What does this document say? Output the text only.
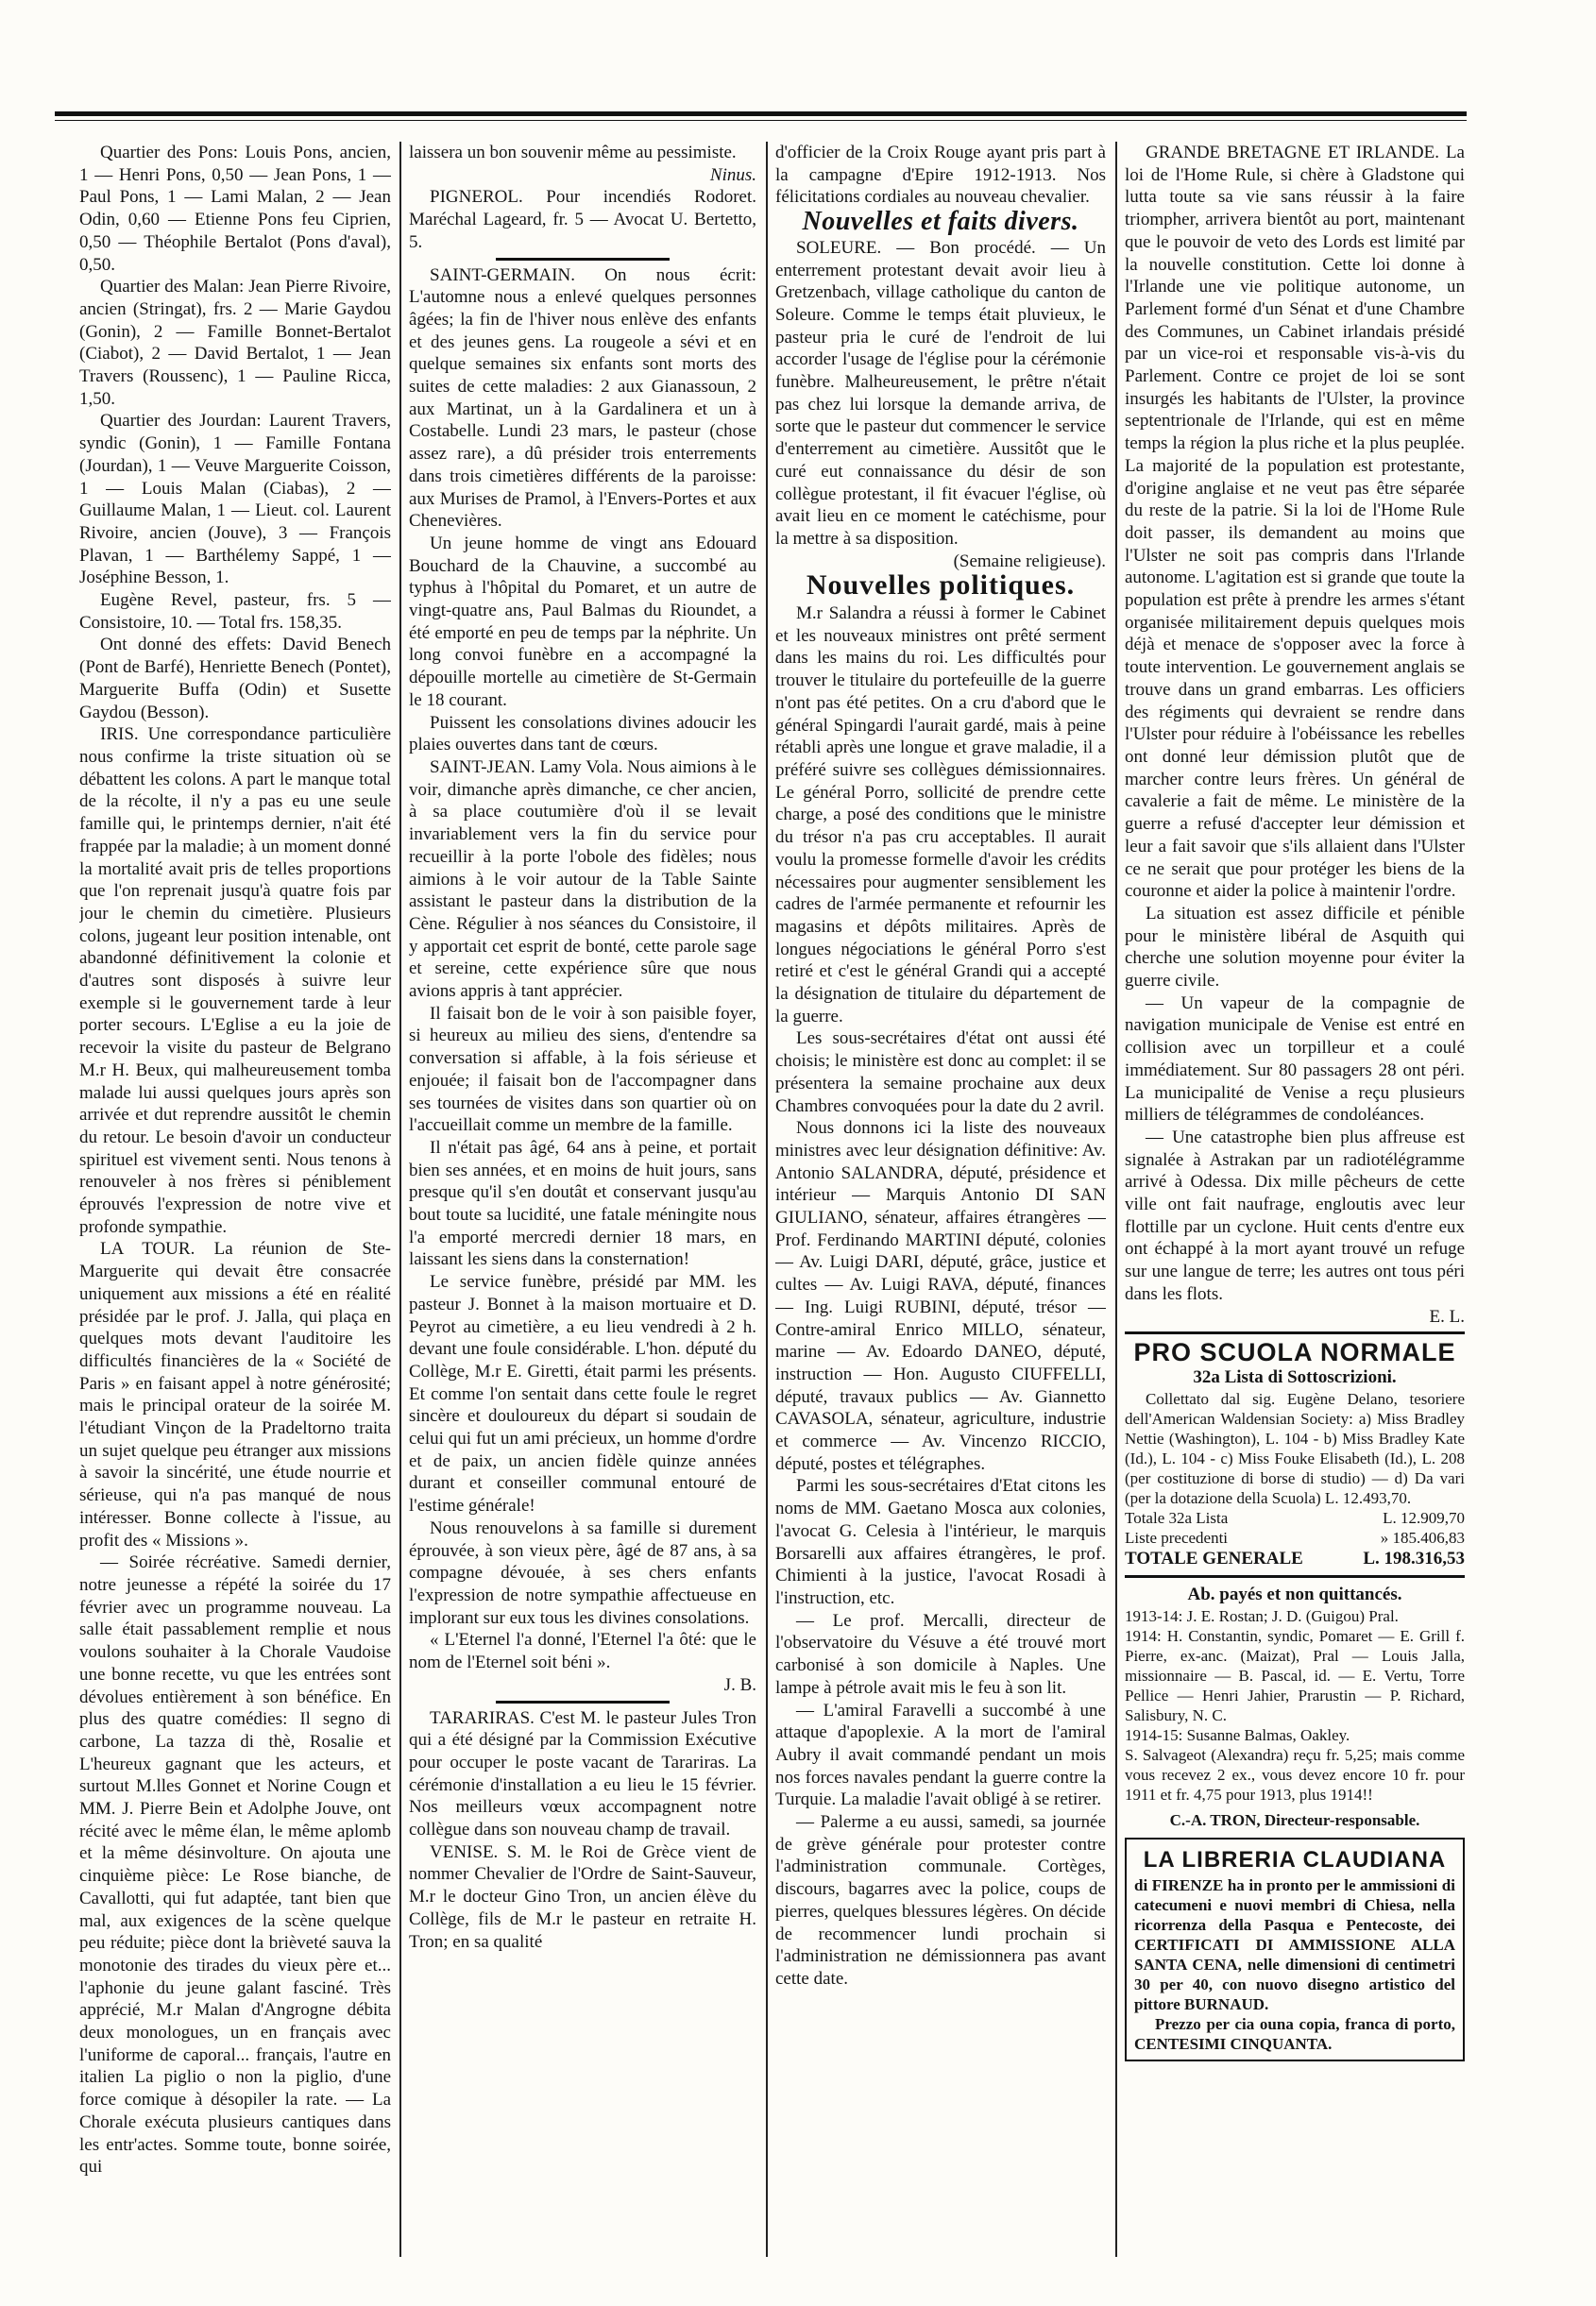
Quartier des Pons: Louis Pons, ancien, 1 — Henri Pons, 0,50 — Jean Pons, 1 — Paul Pons, 1 — Lami Malan, 2 — Jean Odin, 0,60 — Etienne Pons feu Ciprien, 0,50 — Théophile Bertalot (Pons d'aval), 0,50.

Quartier des Malan: Jean Pierre Rivoire, ancien (Stringat), frs. 2 — Marie Gaydou (Gonin), 2 — Famille Bonnet-Bertalot (Ciabot), 2 — David Bertalot, 1 — Jean Travers (Roussenc), 1 — Pauline Ricca, 1,50.

Quartier des Jourdan: Laurent Travers, syndic (Gonin), 1 — Famille Fontana (Jourdan), 1 — Veuve Marguerite Coisson, 1 — Louis Malan (Ciabas), 2 — Guillaume Malan, 1 — Lieut. col. Laurent Rivoire, ancien (Jouve), 3 — François Plavan, 1 — Barthélemy Sappé, 1 — Joséphine Besson, 1.

Eugène Revel, pasteur, frs. 5 — Consistoire, 10. — Total frs. 158,35.

Ont donné des effets: David Benech (Pont de Barfé), Henriette Benech (Pontet), Marguerite Buffa (Odin) et Susette Gaydou (Besson).

IRIS. Une correspondance particulière nous confirme la triste situation où se débattent les colons. A part le manque total de la récolte, il n'y a pas eu une seule famille qui, le printemps dernier, n'ait été frappée par la maladie; à un moment donné la mortalité avait pris de telles proportions que l'on reprenait jusqu'à quatre fois par jour le chemin du cimetière. Plusieurs colons, jugeant leur position intenable, ont abandonné définitivement la colonie et d'autres sont disposés à suivre leur exemple si le gouvernement tarde à leur porter secours. L'Eglise a eu la joie de recevoir la visite du pasteur de Belgrano M.r H. Beux, qui malheureusement tomba malade lui aussi quelques jours après son arrivée et dut reprendre aussitôt le chemin du retour. Le besoin d'avoir un conducteur spirituel est vivement senti. Nous tenons à renouveler à nos frères si péniblement éprouvés l'expression de notre vive et profonde sympathie.

LA TOUR. La réunion de Ste-Marguerite qui devait être consacrée uniquement aux missions a été en réalité présidée par le prof. J. Jalla, qui plaça en quelques mots devant l'auditoire les difficultés financières de la « Société de Paris » en faisant appel à notre générosité; mais le principal orateur de la soirée M. l'étudiant Vinçon de la Pradeltorno traita un sujet quelque peu étranger aux missions à savoir la sincérité, une étude nourrie et sérieuse, qui n'a pas manqué de nous intéresser. Bonne collecte à l'issue, au profit des « Missions ».

— Soirée récréative. Samedi dernier, notre jeunesse a répété la soirée du 17 février avec un programme nouveau. La salle était passablement remplie et nous voulons souhaiter à la Chorale Vaudoise une bonne recette, vu que les entrées sont dévolues entièrement à son bénéfice. En plus des quatre comédies: Il segno di carbone, La tazza di thè, Rosalie et L'heureux gagnant que les acteurs, et surtout M.lles Gonnet et Norine Cougn et MM. J. Pierre Bein et Adolphe Jouve, ont récité avec le même élan, le même aplomb et la même désinvolture. On ajouta une cinquième pièce: Le Rose bianche, de Cavallotti, qui fut adaptée, tant bien que mal, aux exigences de la scène quelque peu réduite; pièce dont la brièveté sauva la monotonie des tirades du vieux père et... l'aphonie du jeune galant fasciné. Très apprécié, M.r Malan d'Angrogne débita deux monologues, un en français avec l'uniforme de caporal... français, l'autre en italien La piglio o non la piglio, d'une force comique à désopiler la rate. — La Chorale exécuta plusieurs cantiques dans les entr'actes. Somme toute, bonne soirée, qui

laissera un bon souvenir même au pessimiste.

Ninus.

PIGNEROL. Pour incendiés Rodoret. Maréchal Lageard, fr. 5 — Avocat U. Bertetto, 5.

SAINT-GERMAIN. On nous écrit: L'automne nous a enlevé quelques personnes âgées; la fin de l'hiver nous enlève des enfants et des jeunes gens. La rougeole a sévi et en quelque semaines six enfants sont morts des suites de cette maladies: 2 aux Gianassoun, 2 aux Martinat, un à la Gardalinera et un à Costabelle. Lundi 23 mars, le pasteur (chose assez rare), a dû présider trois enterrements dans trois cimetières différents de la paroisse: aux Murises de Pramol, à l'Envers-Portes et aux Chenevières.

Un jeune homme de vingt ans Edouard Bouchard de la Chauvine, a succombé au typhus à l'hôpital du Pomaret, et un autre de vingt-quatre ans, Paul Balmas du Rioundet, a été emporté en peu de temps par la néphrite. Un long convoi funèbre en a accompagné la dépouille mortelle au cimetière de St-Germain le 18 courant.

Puissent les consolations divines adoucir les plaies ouvertes dans tant de cœurs.

SAINT-JEAN. Lamy Vola. Nous aimions à le voir, dimanche après dimanche, ce cher ancien, à sa place coutumière d'où il se levait invariablement vers la fin du service pour recueillir à la porte l'obole des fidèles; nous aimions à le voir autour de la Table Sainte assistant le pasteur dans la distribution de la Cène. Régulier à nos séances du Consistoire, il y apportait cet esprit de bonté, cette parole sage et sereine, cette expérience sûre que nous avions appris à tant apprécier.

Il faisait bon de le voir à son paisible foyer, si heureux au milieu des siens, d'entendre sa conversation si affable, à la fois sérieuse et enjouée; il faisait bon de l'accompagner dans ses tournées de visites dans son quartier où on l'accueillait comme un membre de la famille.

Il n'était pas âgé, 64 ans à peine, et portait bien ses années, et en moins de huit jours, sans presque qu'il s'en doutât et conservant jusqu'au bout toute sa lucidité, une fatale méningite nous l'a emporté mercredi dernier 18 mars, en laissant les siens dans la consternation!

Le service funèbre, présidé par MM. les pasteur J. Bonnet à la maison mortuaire et D. Peyrot au cimetière, a eu lieu vendredi à 2 h. devant une foule considérable. L'hon. député du Collège, M.r E. Giretti, était parmi les présents. Et comme l'on sentait dans cette foule le regret sincère et douloureux du départ si soudain de celui qui fut un ami précieux, un homme d'ordre et de paix, un ancien fidèle quinze années durant et conseiller communal entouré de l'estime générale!

Nous renouvelons à sa famille si durement éprouvée, à son vieux père, âgé de 87 ans, à sa compagne dévouée, à ses chers enfants l'expression de notre sympathie affectueuse en implorant sur eux tous les divines consolations.

« L'Eternel l'a donné, l'Eternel l'a ôté: que le nom de l'Eternel soit béni ».

J. B.

TARARIRAS. C'est M. le pasteur Jules Tron qui a été désigné par la Commission Exécutive pour occuper le poste vacant de Tarariras. La cérémonie d'installation a eu lieu le 15 février. Nos meilleurs vœux accompagnent notre collègue dans son nouveau champ de travail.

VENISE. S. M. le Roi de Grèce vient de nommer Chevalier de l'Ordre de Saint-Sauveur, M.r le docteur Gino Tron, un ancien élève du Collège, fils de M.r le pasteur en retraite H. Tron; en sa qualité

d'officier de la Croix Rouge ayant pris part à la campagne d'Epire 1912-1913. Nos félicitations cordiales au nouveau chevalier.

Nouvelles et faits divers.

SOLEURE. — Bon procédé. — Un enterrement protestant devait avoir lieu à Gretzenbach, village catholique du canton de Soleure. Comme le temps était pluvieux, le pasteur pria le curé de l'endroit de lui accorder l'usage de l'église pour la cérémonie funèbre. Malheureusement, le prêtre n'était pas chez lui lorsque la demande arriva, de sorte que le pasteur dut commencer le service d'enterrement au cimetière. Aussitôt que le curé eut connaissance du désir de son collègue protestant, il fit évacuer l'église, où avait lieu en ce moment le catéchisme, pour la mettre à sa disposition.

(Semaine religieuse).

Nouvelles politiques.

M.r Salandra a réussi à former le Cabinet et les nouveaux ministres ont prêté serment dans les mains du roi. Les difficultés pour trouver le titulaire du portefeuille de la guerre n'ont pas été petites. On a cru d'abord que le général Spingardi l'aurait gardé, mais à peine rétabli après une longue et grave maladie, il a préféré suivre ses collègues démissionnaires. Le général Porro, sollicité de prendre cette charge, a posé des conditions que le ministre du trésor n'a pas cru acceptables. Il aurait voulu la promesse formelle d'avoir les crédits nécessaires pour augmenter sensiblement les cadres de l'armée permanente et refournir les magasins et dépôts militaires. Après de longues négociations le général Porro s'est retiré et c'est le général Grandi qui a accepté la désignation de titulaire du département de la guerre.

Les sous-secrétaires d'état ont aussi été choisis; le ministère est donc au complet: il se présentera la semaine prochaine aux deux Chambres convoquées pour la date du 2 avril.

Nous donnons ici la liste des nouveaux ministres avec leur désignation définitive: Av. Antonio SALANDRA, député, présidence et intérieur — Marquis Antonio DI SAN GIULIANO, sénateur, affaires étrangères — Prof. Ferdinando MARTINI député, colonies — Av. Luigi DARI, député, grâce, justice et cultes — Av. Luigi RAVA, député, finances — Ing. Luigi RUBINI, député, trésor — Contre-amiral Enrico MILLO, sénateur, marine — Av. Edoardo DANEO, député, instruction — Hon. Augusto CIUFFELLI, député, travaux publics — Av. Giannetto CAVASOLA, sénateur, agriculture, industrie et commerce — Av. Vincenzo RICCIO, député, postes et télégraphes.

Parmi les sous-secrétaires d'Etat citons les noms de MM. Gaetano Mosca aux colonies, l'avocat G. Celesia à l'intérieur, le marquis Borsarelli aux affaires étrangères, le prof. Chimienti à la justice, l'avocat Rosadi à l'instruction, etc.

— Le prof. Mercalli, directeur de l'observatoire du Vésuve a été trouvé mort carbonisé à son domicile à Naples. Une lampe à pétrole avait mis le feu à son lit.

— L'amiral Faravelli a succombé à une attaque d'apoplexie. A la mort de l'amiral Aubry il avait commandé pendant un mois nos forces navales pendant la guerre contre la Turquie. La maladie l'avait obligé à se retirer.

— Palerme a eu aussi, samedi, sa journée de grève générale pour protester contre l'administration communale. Cortèges, discours, bagarres avec la police, coups de pierres, quelques blessures légères. On décide de recommencer lundi prochain si l'administration ne démissionnera pas avant cette date.

GRANDE BRETAGNE ET IRLANDE. La loi de l'Home Rule, si chère à Gladstone qui lutta toute sa vie sans réussir à la faire triompher, arrivera bientôt au port, maintenant que le pouvoir de veto des Lords est limité par la nouvelle constitution. Cette loi donne à l'Irlande une vie politique autonome, un Parlement formé d'un Sénat et d'une Chambre des Communes, un Cabinet irlandais présidé par un vice-roi et responsable vis-à-vis du Parlement. Contre ce projet de loi se sont insurgés les habitants de l'Ulster, la province septentrionale de l'Irlande, qui est en même temps la région la plus riche et la plus peuplée. La majorité de la population est protestante, d'origine anglaise et ne veut pas être séparée du reste de la patrie. Si la loi de l'Home Rule doit passer, ils demandent au moins que l'Ulster ne soit pas compris dans l'Irlande autonome. L'agitation est si grande que toute la population est prête à prendre les armes s'étant organisée militairement depuis quelques mois déjà et menace de s'opposer avec la force à toute intervention. Le gouvernement anglais se trouve dans un grand embarras. Les officiers des régiments qui devraient se rendre dans l'Ulster pour réduire à l'obéissance les rebelles ont donné leur démission plutôt que de marcher contre leurs frères. Un général de cavalerie a fait de même. Le ministère de la guerre a refusé d'accepter leur démission et leur a fait savoir que s'ils allaient dans l'Ulster ce ne serait que pour protéger les biens de la couronne et aider la police à maintenir l'ordre.

La situation est assez difficile et pénible pour le ministère libéral de Asquith qui cherche une solution moyenne pour éviter la guerre civile.

— Un vapeur de la compagnie de navigation municipale de Venise est entré en collision avec un torpilleur et a coulé immédiatement. Sur 80 passagers 28 ont péri. La municipalité de Venise a reçu plusieurs milliers de télégrammes de condoléances.

— Une catastrophe bien plus affreuse est signalée à Astrakan par un radiotélégramme arrivé à Odessa. Dix mille pêcheurs de cette ville ont fait naufrage, engloutis avec leur flottille par un cyclone. Huit cents d'entre eux ont échappé à la mort ayant trouvé un refuge sur une langue de terre; les autres ont tous péri dans les flots.

E. L.

PRO SCUOLA NORMALE

32a Lista di Sottoscrizioni.

Collettato dal sig. Eugène Delano, tesoriere dell'American Waldensian Society: a) Miss Bradley Nettie (Washington), L. 104 - b) Miss Bradley Kate (Id.), L. 104 - c) Miss Fouke Elisabeth (Id.), L. 208 (per costituzione di borse di studio) — d) Da vari (per la dotazione della Scuola) L. 12.493,70.

Totale 32a Lista	L. 12.909,70
Liste precedenti	» 185.406,83
TOTALE GENERALE	L. 198.316,53

Ab. payés et non quittancés.

1913-14: J. E. Rostan; J. D. (Guigou) Pral.

1914: H. Constantin, syndic, Pomaret — E. Grill f. Pierre, ex-anc. (Maizat), Pral — Louis Jalla, missionnaire — B. Pascal, id. — E. Vertu, Torre Pellice — Henri Jahier, Prarustin — P. Richard, Salisbury, N. C.

1914-15: Susanne Balmas, Oakley.

S. Salvageot (Alexandra) reçu fr. 5,25; mais comme vous recevez 2 ex., vous devez encore 10 fr. pour 1911 et fr. 4,75 pour 1913, plus 1914!!

C.-A. TRON, Directeur-responsable.

LA LIBRERIA CLAUDIANA

di FIRENZE ha in pronto per le ammissioni di catecumeni e nuovi membri di Chiesa, nella ricorrenza della Pasqua e Pentecoste, dei CERTIFICATI DI AMMISSIONE ALLA SANTA CENA, nelle dimensioni di centimetri 30 per 40, con nuovo disegno artistico del pittore BURNAUD.

Prezzo per cia ouna copia, franca di porto, CENTESIMI CINQUANTA.
